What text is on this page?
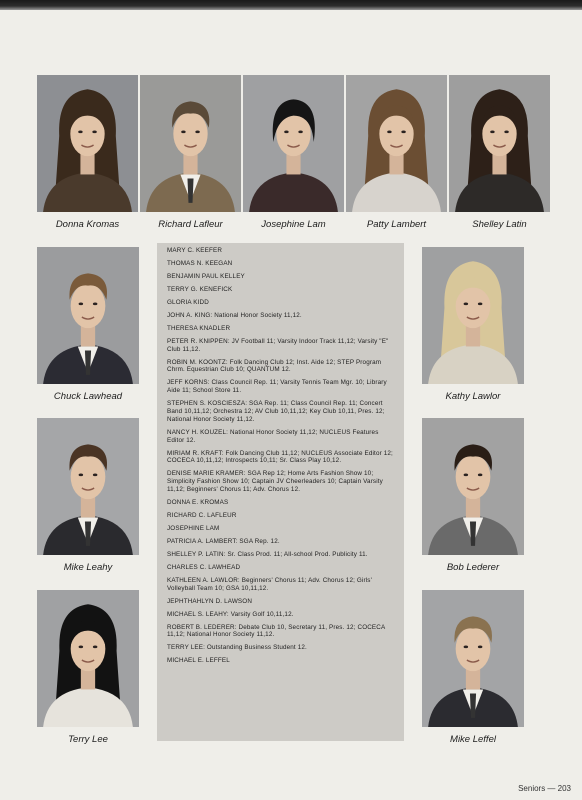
Donna Kromas	Richard Lafleur	Josephine Lam	Patty Lambert	Shelley Latin
Chuck Lawhead
Mike Leahy
Terry Lee
Kathy Lawlor
Bob Lederer
Mike Leffel
MARY C. KEEFER
THOMAS N. KEEGAN
BENJAMIN PAUL KELLEY
TERRY G. KENEFICK
GLORIA KIDD
JOHN A. KING: National Honor Society 11,12.
THERESA KNADLER
PETER R. KNIPPEN: JV Football 11; Varsity Indoor Track 11,12; Varsity "E" Club 11,12.
ROBIN M. KOONTZ: Folk Dancing Club 12; Inst. Aide 12; STEP Program Chrm. Equestrian Club 10; QUANTUM 12.
JEFF KORNS: Class Council Rep. 11; Varsity Tennis Team Mgr. 10; Library Aide 11; School Store 11.
STEPHEN S. KOSCIESZA: SGA Rep. 11; Class Council Rep. 11; Concert Band 10,11,12; Orchestra 12; AV Club 10,11,12; Key Club 10,11, Pres. 12; National Honor Society 11,12.
NANCY H. KOUZEL: National Honor Society 11,12; NUCLEUS Features Editor 12.
MIRIAM R. KRAFT: Folk Dancing Club 11,12; NUCLEUS Associate Editor 12; COCECA 10,11,12; Introspects 10,11; Sr. Class Play 10,12.
DENISE MARIE KRAMER: SGA Rep 12; Home Arts Fashion Show 10; Simplicity Fashion Show 10; Captain JV Cheerleaders 10; Captain Varsity 11,12; Beginners' Chorus 11; Adv. Chorus 12.
DONNA E. KROMAS
RICHARD C. LAFLEUR
JOSEPHINE LAM
PATRICIA A. LAMBERT: SGA Rep. 12.
SHELLEY P. LATIN: Sr. Class Prod. 11; All-school Prod. Publicity 11.
CHARLES C. LAWHEAD
KATHLEEN A. LAWLOR: Beginners' Chorus 11; Adv. Chorus 12; Girls' Volleyball Team 10; GSA 10,11,12.
JEPHTHAHLYN D. LAWSON
MICHAEL S. LEAHY: Varsity Golf 10,11,12.
ROBERT B. LEDERER: Debate Club 10, Secretary 11, Pres. 12; COCECA 11,12; National Honor Society 11,12.
TERRY LEE: Outstanding Business Student 12.
MICHAEL E. LEFFEL
Seniors — 203
